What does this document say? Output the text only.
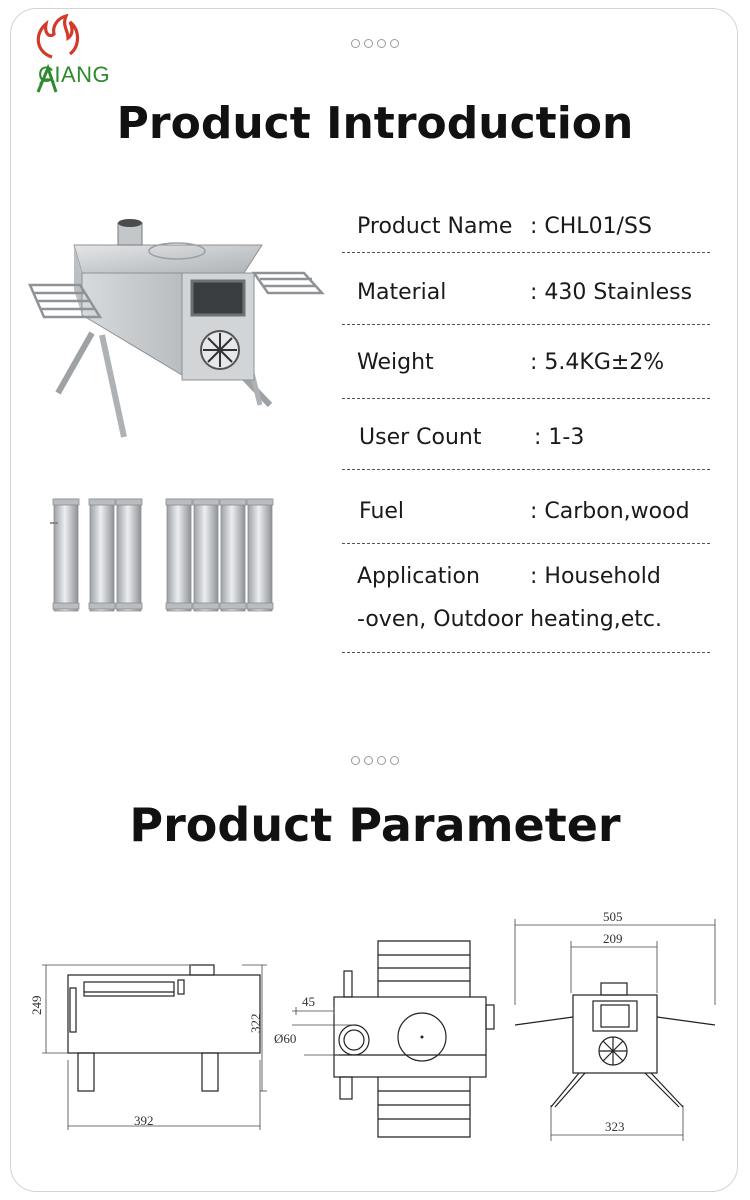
CIANG
Product Introduction
Product Name : CHL01/SS
Material	: 430 Stainless
Weight	: 5.4KG±2%
User Count : 1-3
Fuel	: Carbon,wood
Application : Household
-oven, Outdoor heating,etc.
Product Parameter
249
322
392
45
Ø60
505
209
323
